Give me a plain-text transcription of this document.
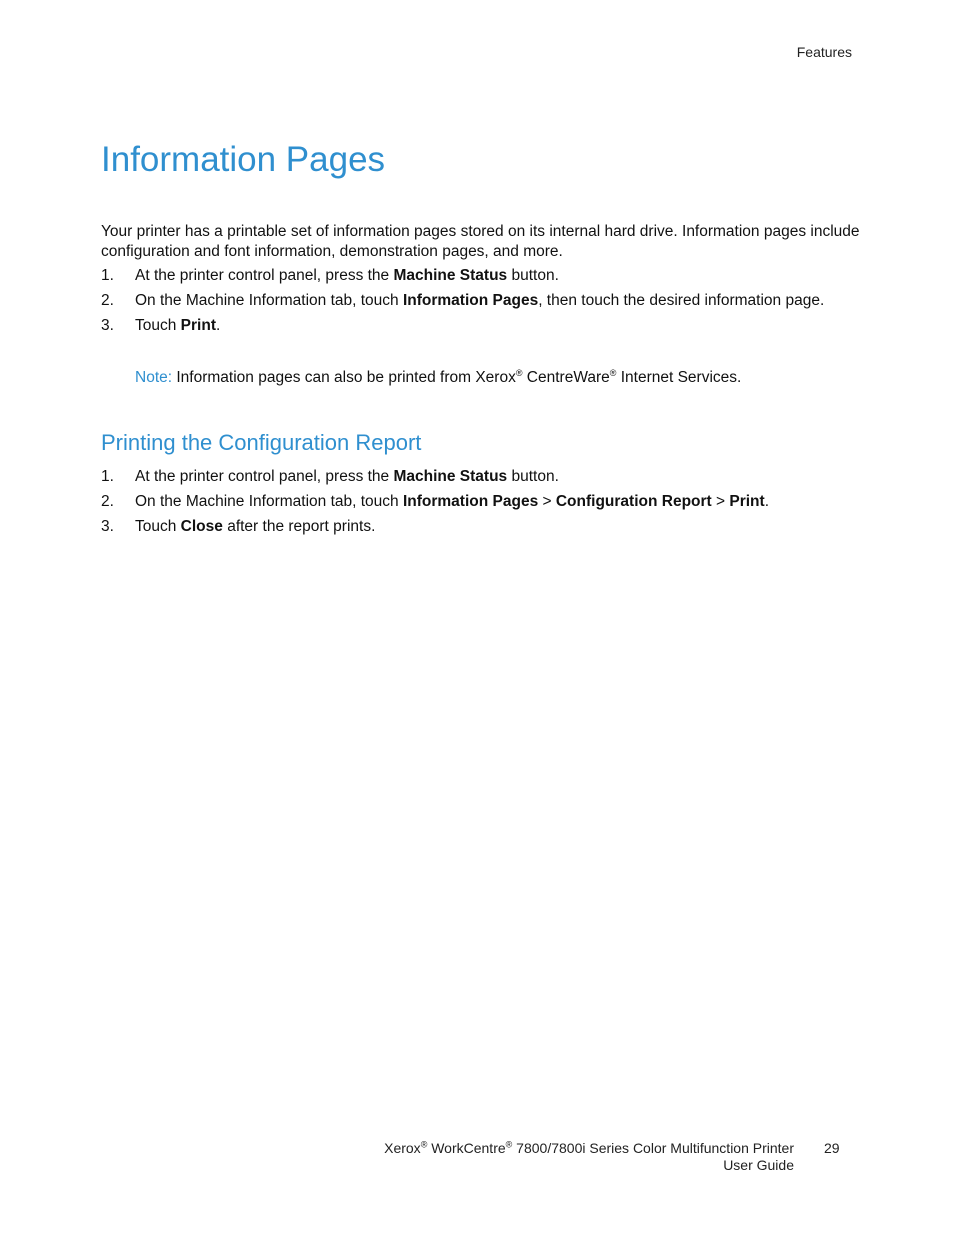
Features
Information Pages

Your printer has a printable set of information pages stored on its internal hard drive. Information pages include configuration and font information, demonstration pages, and more.

1. At the printer control panel, press the Machine Status button.
2. On the Machine Information tab, touch Information Pages, then touch the desired information page.
3. Touch Print.
Note: Information pages can also be printed from Xerox® CentreWare® Internet Services.
Printing the Configuration Report
1. At the printer control panel, press the Machine Status button.
2. On the Machine Information tab, touch Information Pages > Configuration Report > Print.
3. Touch Close after the report prints.
Xerox® WorkCentre® 7800/7800i Series Color Multifunction Printer
User Guide
29
